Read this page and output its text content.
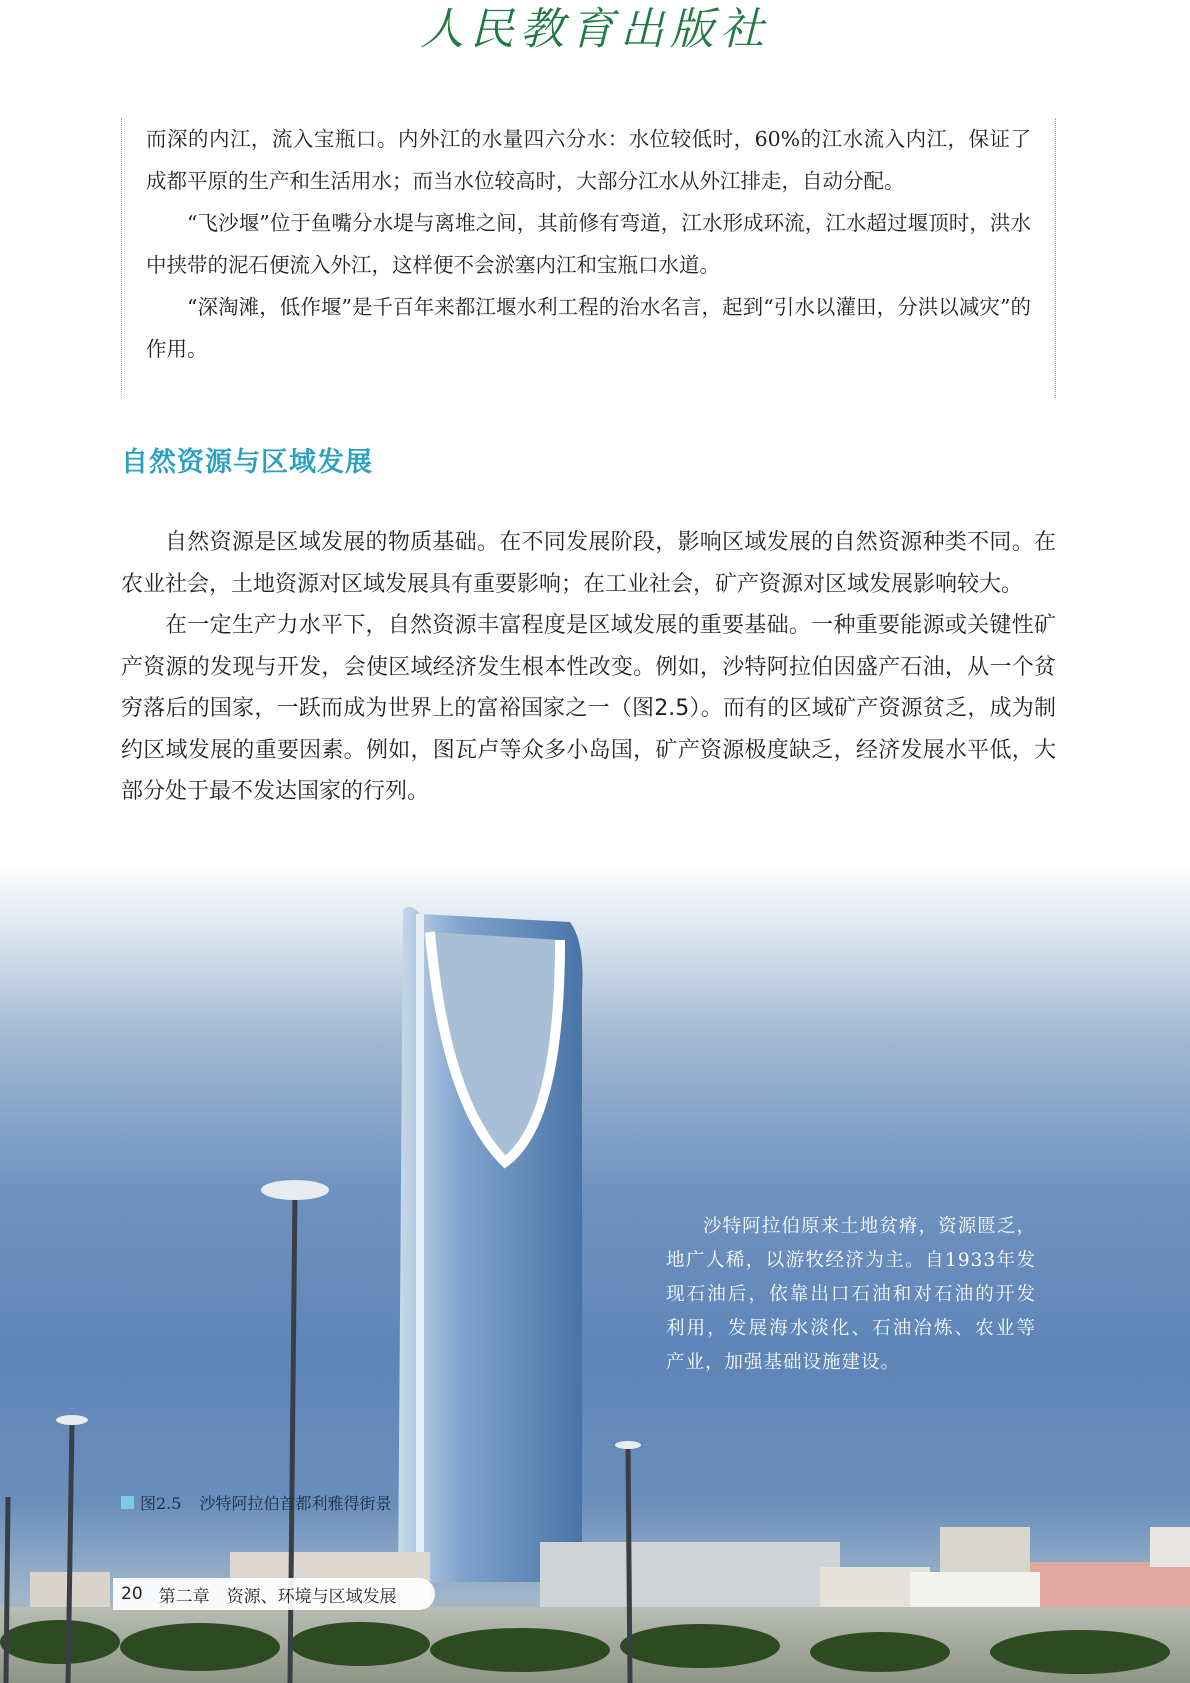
人民教育出版社

而深的内江，流入宝瓶口。内外江的水量四六分水：水位较低时，60%的江水流入内江，保证了成都平原的生产和生活用水；而当水位较高时，大部分江水从外江排走，自动分配。

“飞沙堰”位于鱼嘴分水堤与离堆之间，其前修有弯道，江水形成环流，江水超过堰顶时，洪水中挟带的泥石便流入外江，这样便不会淤塞内江和宝瓶口水道。

“深淘滩，低作堰”是千百年来都江堰水利工程的治水名言，起到“引水以灌田，分洪以减灾”的作用。

自然资源与区域发展

自然资源是区域发展的物质基础。在不同发展阶段，影响区域发展的自然资源种类不同。在农业社会，土地资源对区域发展具有重要影响；在工业社会，矿产资源对区域发展影响较大。

在一定生产力水平下，自然资源丰富程度是区域发展的重要基础。一种重要能源或关键性矿产资源的发现与开发，会使区域经济发生根本性改变。例如，沙特阿拉伯因盛产石油，从一个贫穷落后的国家，一跃而成为世界上的富裕国家之一（图2.5）。而有的区域矿产资源贫乏，成为制约区域发展的重要因素。例如，图瓦卢等众多小岛国，矿产资源极度缺乏，经济发展水平低，大部分处于最不发达国家的行列。

沙特阿拉伯原来土地贫瘠，资源匮乏，地广人稀，以游牧经济为主。自1933年发现石油后，依靠出口石油和对石油的开发利用，发展海水淡化、石油冶炼、农业等产业，加强基础设施建设。
图2.5 沙特阿拉伯首都利雅得街景
20 第二章　资源、环境与区域发展
